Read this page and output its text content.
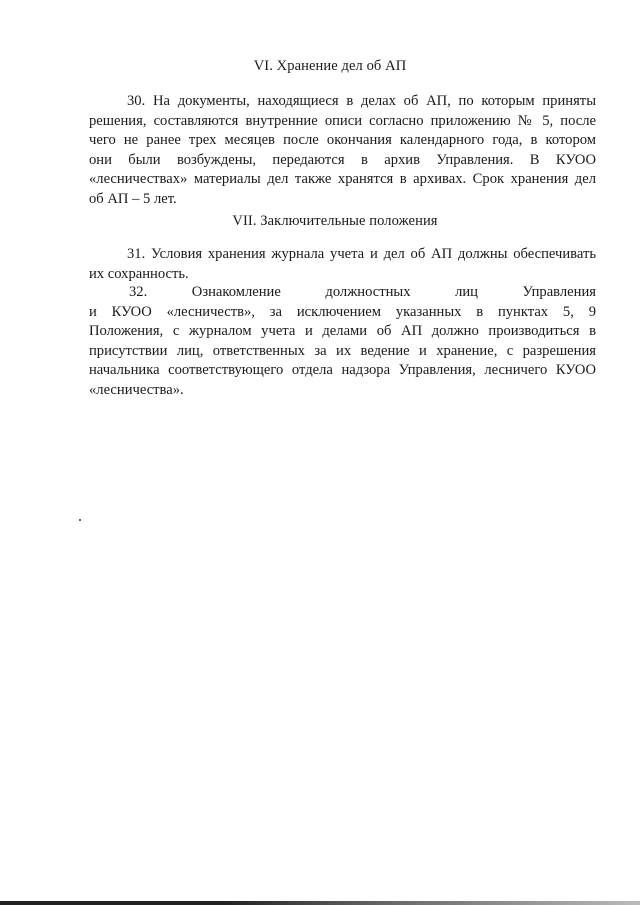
VI. Хранение дел об АП
30. На документы, находящиеся в делах об АП, по которым приняты
решения, составляются внутренние описи согласно приложению № 5, после
чего не ранее трех месяцев после окончания календарного года, в котором
они были возбуждены, передаются в архив Управления. В КУОО
«лесничествах» материалы дел также хранятся в архивах. Срок хранения дел
об АП – 5 лет.
VII. Заключительные положения
31. Условия хранения журнала учета и дел об АП должны обеспечивать
их сохранность.
32.	Ознакомление	должностных	лиц	Управления
и КУОО «лесничеств», за исключением указанных в пунктах 5, 9
Положения, с журналом учета и делами об АП должно производиться в
присутствии лиц, ответственных за их ведение и хранение, с разрешения
начальника соответствующего отдела надзора Управления, лесничего КУОО
«лесничества».
